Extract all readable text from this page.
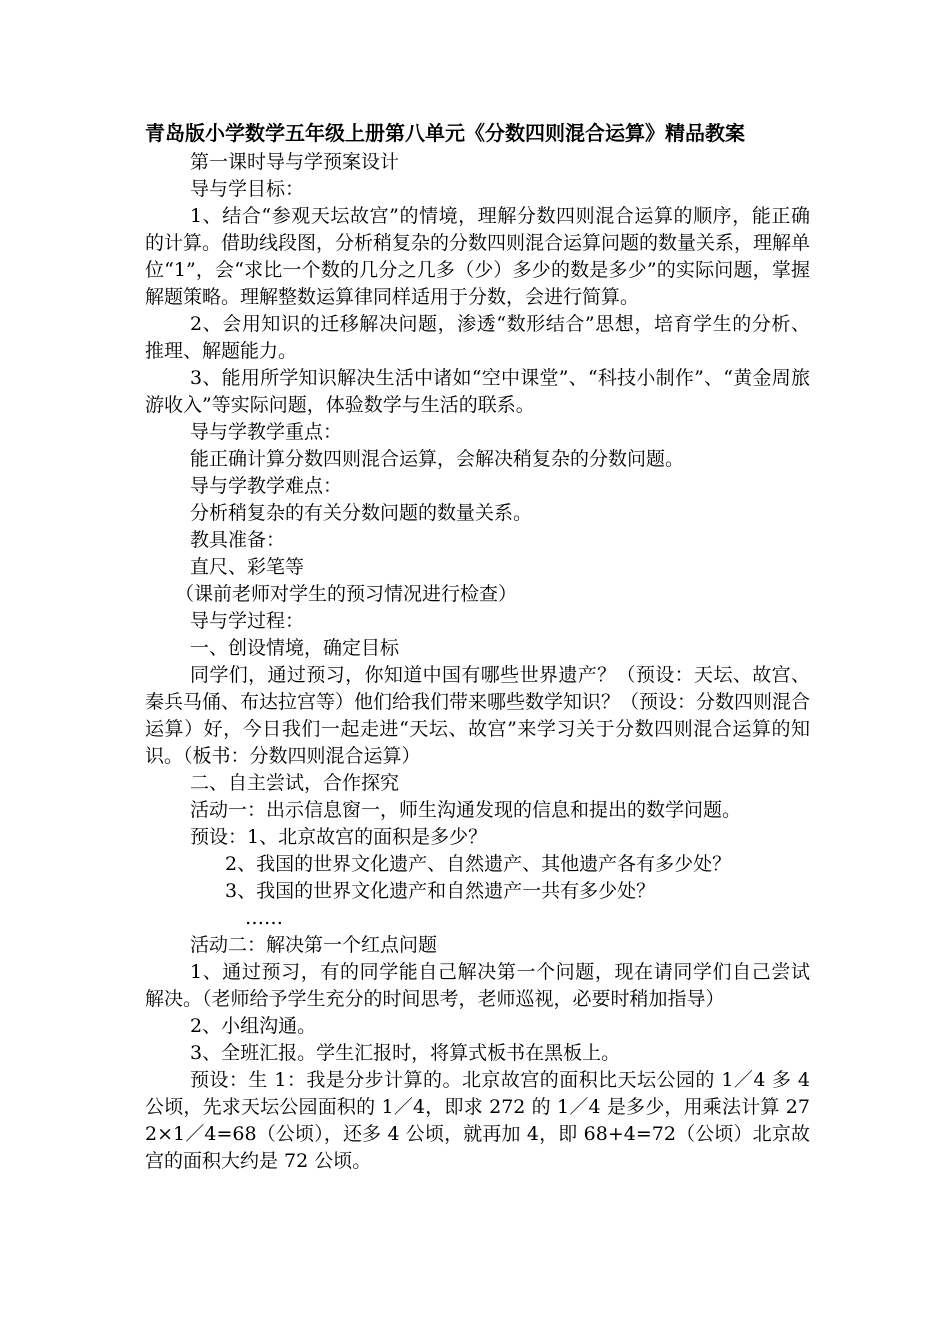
青岛版小学数学五年级上册第八单元《分数四则混合运算》精品教案

第一课时导与学预案设计

导与学目标：

1、结合“参观天坛故宫”的情境，理解分数四则混合运算的顺序，能正确的计算。借助线段图，分析稍复杂的分数四则混合运算问题的数量关系，理解单位“1”，会“求比一个数的几分之几多（少）多少的数是多少”的实际问题，掌握解题策略。理解整数运算律同样适用于分数，会进行简算。

2、会用知识的迁移解决问题，渗透“数形结合”思想，培育学生的分析、推理、解题能力。

3、能用所学知识解决生活中诸如“空中课堂”、“科技小制作”、“黄金周旅游收入”等实际问题，体验数学与生活的联系。

导与学教学重点：

能正确计算分数四则混合运算，会解决稍复杂的分数问题。

导与学教学难点：

分析稍复杂的有关分数问题的数量关系。

教具准备：

直尺、彩笔等

（课前老师对学生的预习情况进行检查）

导与学过程：

一、创设情境，确定目标

同学们，通过预习，你知道中国有哪些世界遗产？（预设：天坛、故宫、秦兵马俑、布达拉宫等）他们给我们带来哪些数学知识？（预设：分数四则混合运算）好，今日我们一起走进“天坛、故宫”来学习关于分数四则混合运算的知识。（板书：分数四则混合运算）

二、自主尝试，合作探究

活动一：出示信息窗一，师生沟通发现的信息和提出的数学问题。

预设：1、北京故宫的面积是多少？

2、我国的世界文化遗产、自然遗产、其他遗产各有多少处？

3、我国的世界文化遗产和自然遗产一共有多少处？

……

活动二：解决第一个红点问题

1、通过预习，有的同学能自己解决第一个问题，现在请同学们自己尝试解决。（老师给予学生充分的时间思考，老师巡视，必要时稍加指导）

2、小组沟通。

3、全班汇报。学生汇报时，将算式板书在黑板上。

预设：生 1：我是分步计算的。北京故宫的面积比天坛公园的 1／4 多 4 公顷，先求天坛公园面积的 1／4，即求 272 的 1／4 是多少，用乘法计算 272×1／4=68（公顷），还多 4 公顷，就再加 4，即 68+4=72（公顷）北京故宫的面积大约是 72 公顷。
